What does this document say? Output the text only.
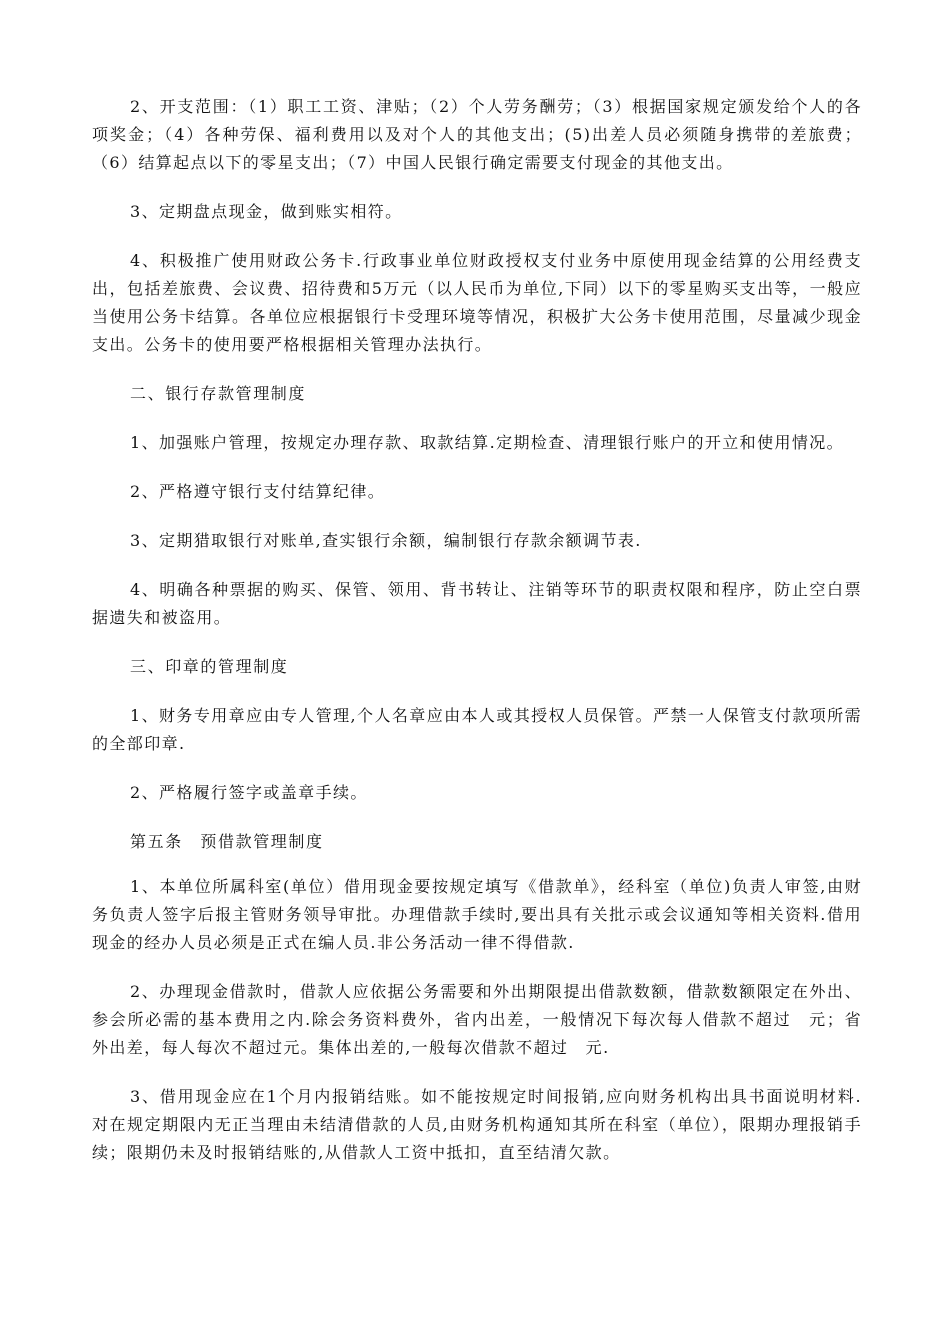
2、开支范围：（1）职工工资、津贴；（2）个人劳务酬劳；（3）根据国家规定颁发给个人的各项奖金；（4）各种劳保、福利费用以及对个人的其他支出；(5)出差人员必须随身携带的差旅费；（6）结算起点以下的零星支出；（7）中国人民银行确定需要支付现金的其他支出。

3、定期盘点现金，做到账实相符。

4、积极推广使用财政公务卡.行政事业单位财政授权支付业务中原使用现金结算的公用经费支出，包括差旅费、会议费、招待费和5万元（以人民币为单位,下同）以下的零星购买支出等，一般应当使用公务卡结算。各单位应根据银行卡受理环境等情况，积极扩大公务卡使用范围，尽量减少现金支出。公务卡的使用要严格根据相关管理办法执行。

二、银行存款管理制度

1、加强账户管理，按规定办理存款、取款结算.定期检查、清理银行账户的开立和使用情况。

2、严格遵守银行支付结算纪律。

3、定期猎取银行对账单,查实银行余额，编制银行存款余额调节表.

4、明确各种票据的购买、保管、领用、背书转让、注销等环节的职责权限和程序，防止空白票据遗失和被盗用。

三、印章的管理制度

1、财务专用章应由专人管理,个人名章应由本人或其授权人员保管。严禁一人保管支付款项所需的全部印章.

2、严格履行签字或盖章手续。

第五条　预借款管理制度

1、本单位所属科室(单位）借用现金要按规定填写《借款单》，经科室（单位)负责人审签,由财务负责人签字后报主管财务领导审批。办理借款手续时,要出具有关批示或会议通知等相关资料.借用现金的经办人员必须是正式在编人员.非公务活动一律不得借款.

2、办理现金借款时，借款人应依据公务需要和外出期限提出借款数额，借款数额限定在外出、参会所必需的基本费用之内.除会务资料费外，省内出差，一般情况下每次每人借款不超过　元；省外出差，每人每次不超过元。集体出差的,一般每次借款不超过　元.

3、借用现金应在1个月内报销结账。如不能按规定时间报销,应向财务机构出具书面说明材料.对在规定期限内无正当理由未结清借款的人员,由财务机构通知其所在科室（单位），限期办理报销手续；限期仍未及时报销结账的,从借款人工资中抵扣，直至结清欠款。
